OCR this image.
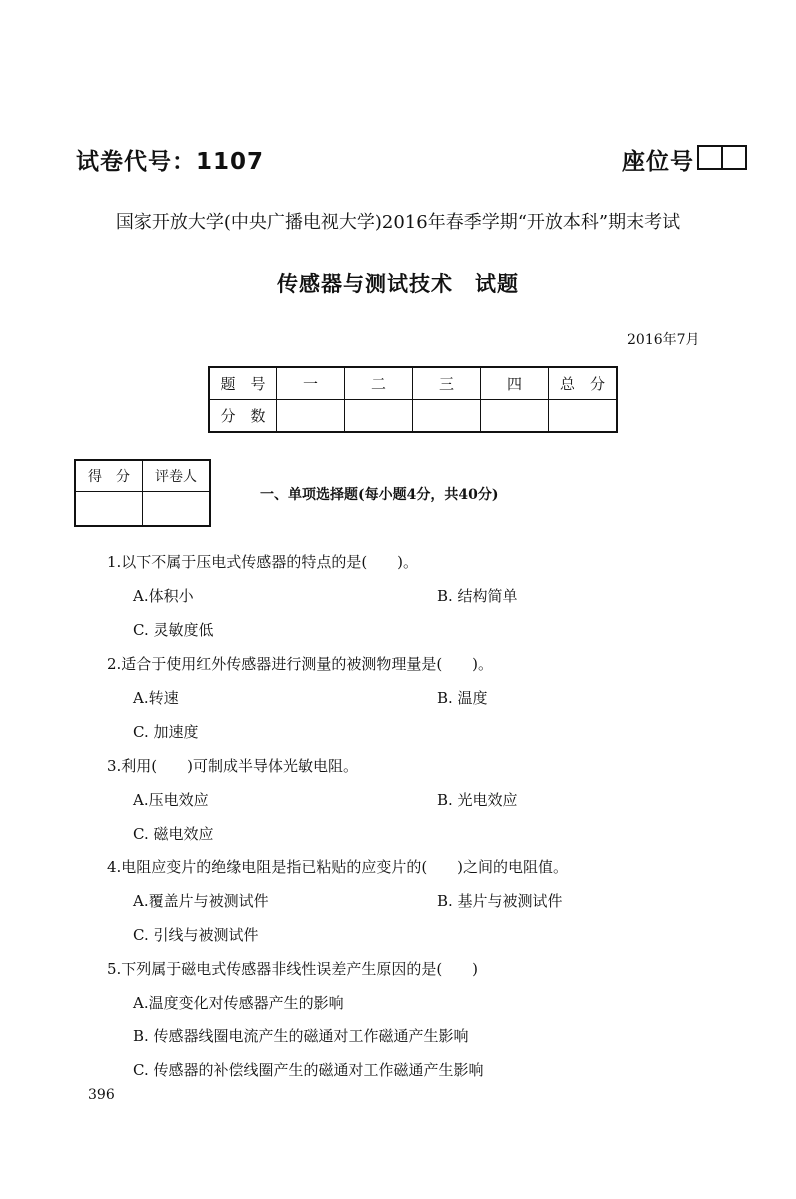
试卷代号：1107	座位号
国家开放大学(中央广播电视大学)2016年春季学期“开放本科”期末考试
传感器与测试技术　试题
2016年7月
题　号	一	二	三	四	总　分
分　数					
得　分	评卷人

一、单项选择题(每小题4分，共40分)
1.以下不属于压电式传感器的特点的是(　　)。
A.体积小	B. 结构简单
C. 灵敏度低
2.适合于使用红外传感器进行测量的被测物理量是(　　)。
A.转速	B. 温度
C. 加速度
3.利用(　　)可制成半导体光敏电阻。
A.压电效应	B. 光电效应
C. 磁电效应
4.电阻应变片的绝缘电阻是指已粘贴的应变片的(　　)之间的电阻值。
A.覆盖片与被测试件	B. 基片与被测试件
C. 引线与被测试件
5.下列属于磁电式传感器非线性误差产生原因的是(　　)
A.温度变化对传感器产生的影响
B. 传感器线圈电流产生的磁通对工作磁通产生影响
C. 传感器的补偿线圈产生的磁通对工作磁通产生影响
396
